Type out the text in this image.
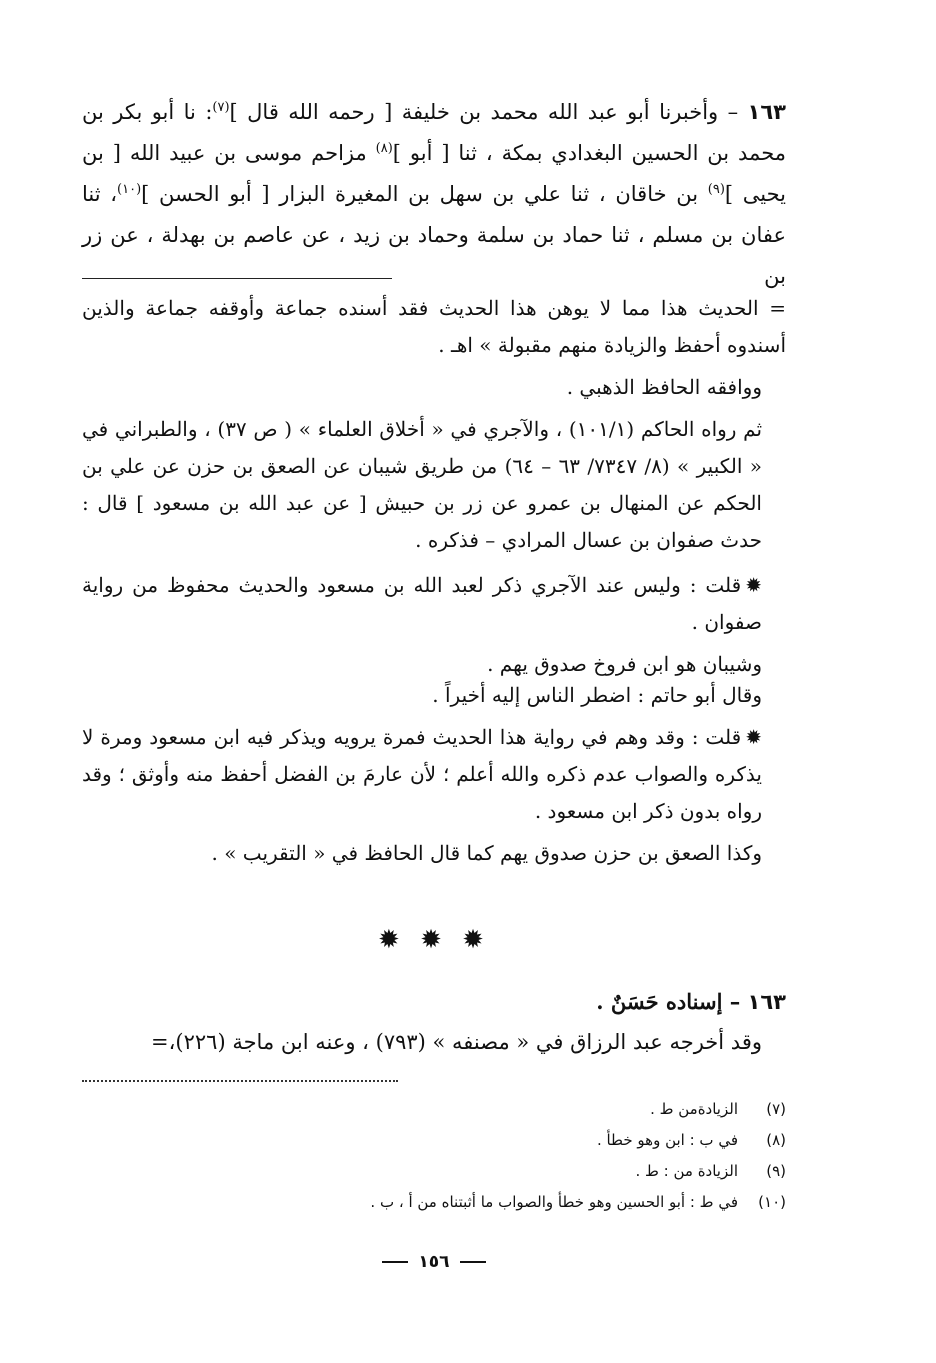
١٦٣ – وأخبرنا أبو عبد الله محمد بن خليفة [ رحمه الله قال ]$^{(٧)}$: نا أبو بكر بن محمد بن الحسين البغدادي بمكة ، ثنا [ أبو ]$^{(٨)}$ مزاحم موسى بن عبيد الله [ بن يحيى ]$^{(٩)}$ بن خاقان ، ثنا علي بن سهل بن المغيرة البزار [ أبو الحسن ]$^{(١٠)}$، ثنا عفان بن مسلم ، ثنا حماد بن سلمة وحماد بن زيد ، عن عاصم بن بهدلة ، عن زر بن

= الحديث هذا مما لا يوهن هذا الحديث فقد أسنده جماعة وأوقفه جماعة والذين أسندوه أحفظ والزيادة منهم مقبولة » اهـ .

ووافقه الحافظ الذهبي .

ثم رواه الحاكم (١٠١/١) ، والآجري في « أخلاق العلماء » ( ص ٣٧) ، والطبراني في « الكبير » (٨/ ٧٣٤٧/ ٦٣ – ٦٤) من طريق شيبان عن الصعق بن حزن عن علي بن الحكم عن المنهال بن عمرو عن زر بن حبيش [ عن عبد الله بن مسعود ] قال : حدث صفوان بن عسال المرادي – فذكره .

✹قلت : وليس عند الآجري ذكر لعبد الله بن مسعود والحديث محفوظ من رواية صفوان .

وشيبان هو ابن فروخ صدوق يهم .

وقال أبو حاتم : اضطر الناس إليه أخيراً .

✹قلت : وقد وهم في رواية هذا الحديث فمرة يرويه ويذكر فيه ابن مسعود ومرة لا يذكره والصواب عدم ذكره والله أعلم ؛ لأن عارمَ بن الفضل أحفظ منه وأوثق ؛ وقد رواه بدون ذكر ابن مسعود .

وكذا الصعق بن حزن صدوق يهم كما قال الحافظ في « التقريب » .

✹ ✹ ✹

١٦٣ – إسناده حَسَنٌ .

وقد أخرجه عبد الرزاق في « مصنفه » (٧٩٣) ، وعنه ابن ماجة (٢٢٦)،=

(٧)الزيادةمن ط .
(٨)في ب : ابن وهو خطأ .
(٩)الزيادة من : ط .
(١٠)في ط : أبو الحسين وهو خطأ والصواب ما أثبتناه من أ ، ب .
١٥٦
